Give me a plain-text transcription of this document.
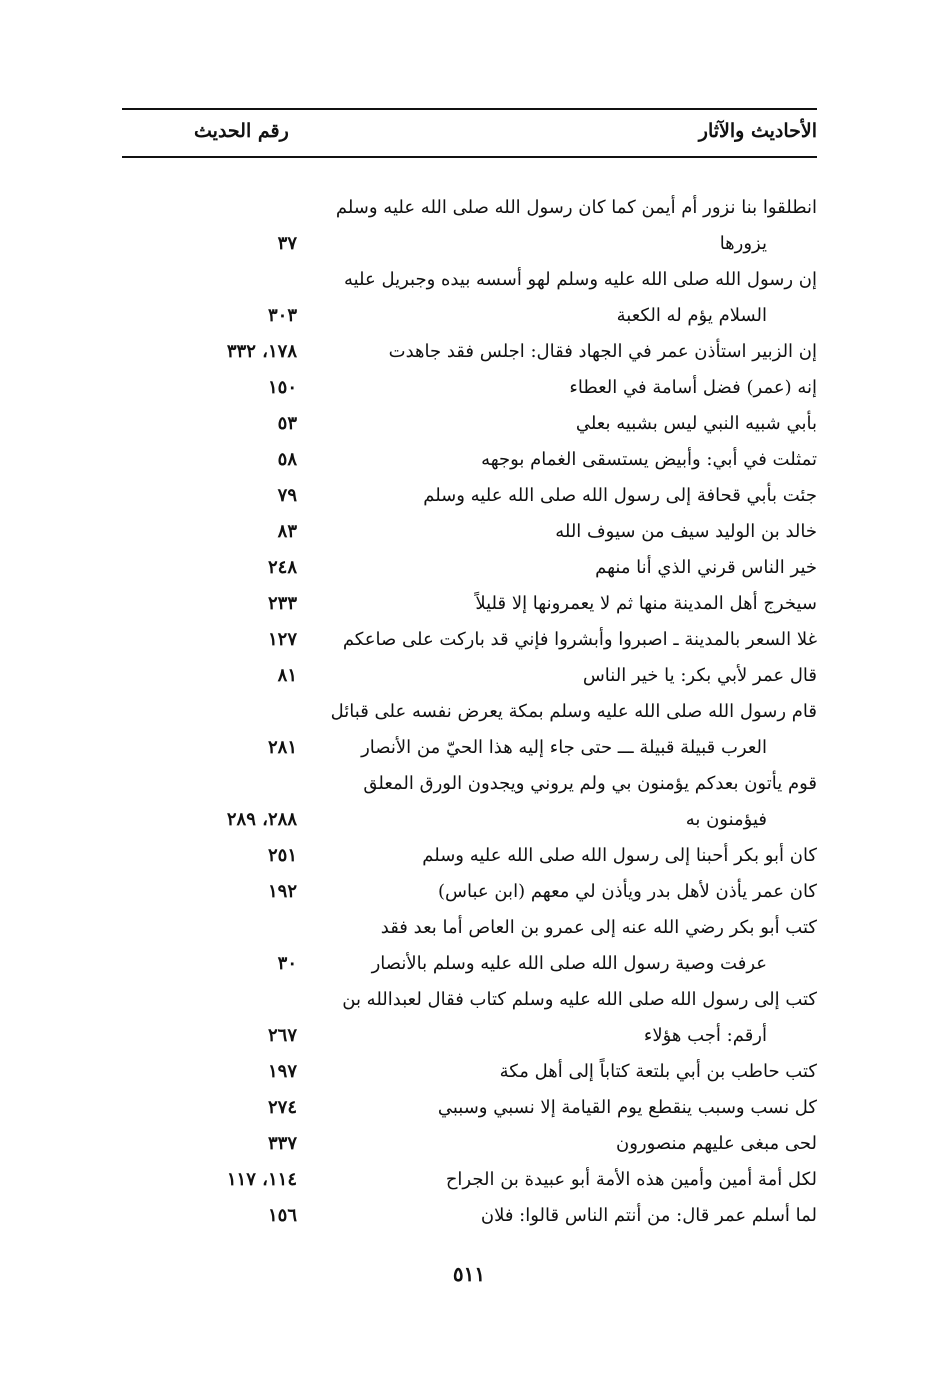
الأحاديث والآثار
رقم الحديث
انطلقوا بنا نزور أم أيمن كما كان رسول الله صلى الله عليه وسلم
يزورها
٣٧
إن رسول الله صلى الله عليه وسلم لهو أسسه بيده وجبريل عليه
السلام يؤم له الكعبة
٣٠٣
إن الزبير استأذن عمر في الجهاد فقال: اجلس فقد جاهدت
١٧٨، ٣٣٢
إنه (عمر) فضل أسامة في العطاء
١٥٠
بأبي شبيه النبي ليس بشبيه بعلي
٥٣
تمثلت في أبي: وأبيض يستسقى الغمام بوجهه
٥٨
جئت بأبي قحافة إلى رسول الله صلى الله عليه وسلم
٧٩
خالد بن الوليد سيف من سيوف الله
٨٣
خير الناس قرني الذي أنا منهم
٢٤٨
سيخرج أهل المدينة منها ثم لا يعمرونها إلا قليلاً
٢٣٣
غلا السعر بالمدينة ـ اصبروا وأبشروا فإني قد باركت على صاعكم
١٢٧
قال عمر لأبي بكر: يا خير الناس
٨١
قام رسول الله صلى الله عليه وسلم بمكة يعرض نفسه على قبائل
العرب قبيلة قبيلة ـــ حتى جاء إليه هذا الحيّ من الأنصار
٢٨١
قوم يأتون بعدكم يؤمنون بي ولم يروني ويجدون الورق المعلق
فيؤمنون به
٢٨٨، ٢٨٩
كان أبو بكر أحبنا إلى رسول الله صلى الله عليه وسلم
٢٥١
كان عمر يأذن لأهل بدر ويأذن لي معهم (ابن عباس)
١٩٢
كتب أبو بكر رضي الله عنه إلى عمرو بن العاص أما بعد فقد
عرفت وصية رسول الله صلى الله عليه وسلم بالأنصار
٣٠
كتب إلى رسول الله صلى الله عليه وسلم كتاب فقال لعبدالله بن
أرقم: أجب هؤلاء
٢٦٧
كتب حاطب بن أبي بلتعة كتاباً إلى أهل مكة
١٩٧
كل نسب وسبب ينقطع يوم القيامة إلا نسبي وسببي
٢٧٤
لحى مبغى عليهم منصورون
٣٣٧
لكل أمة أمين وأمين هذه الأمة أبو عبيدة بن الجراح
١١٤، ١١٧
لما أسلم عمر قال: من أنتم الناس قالوا: فلان
١٥٦
٥١١
